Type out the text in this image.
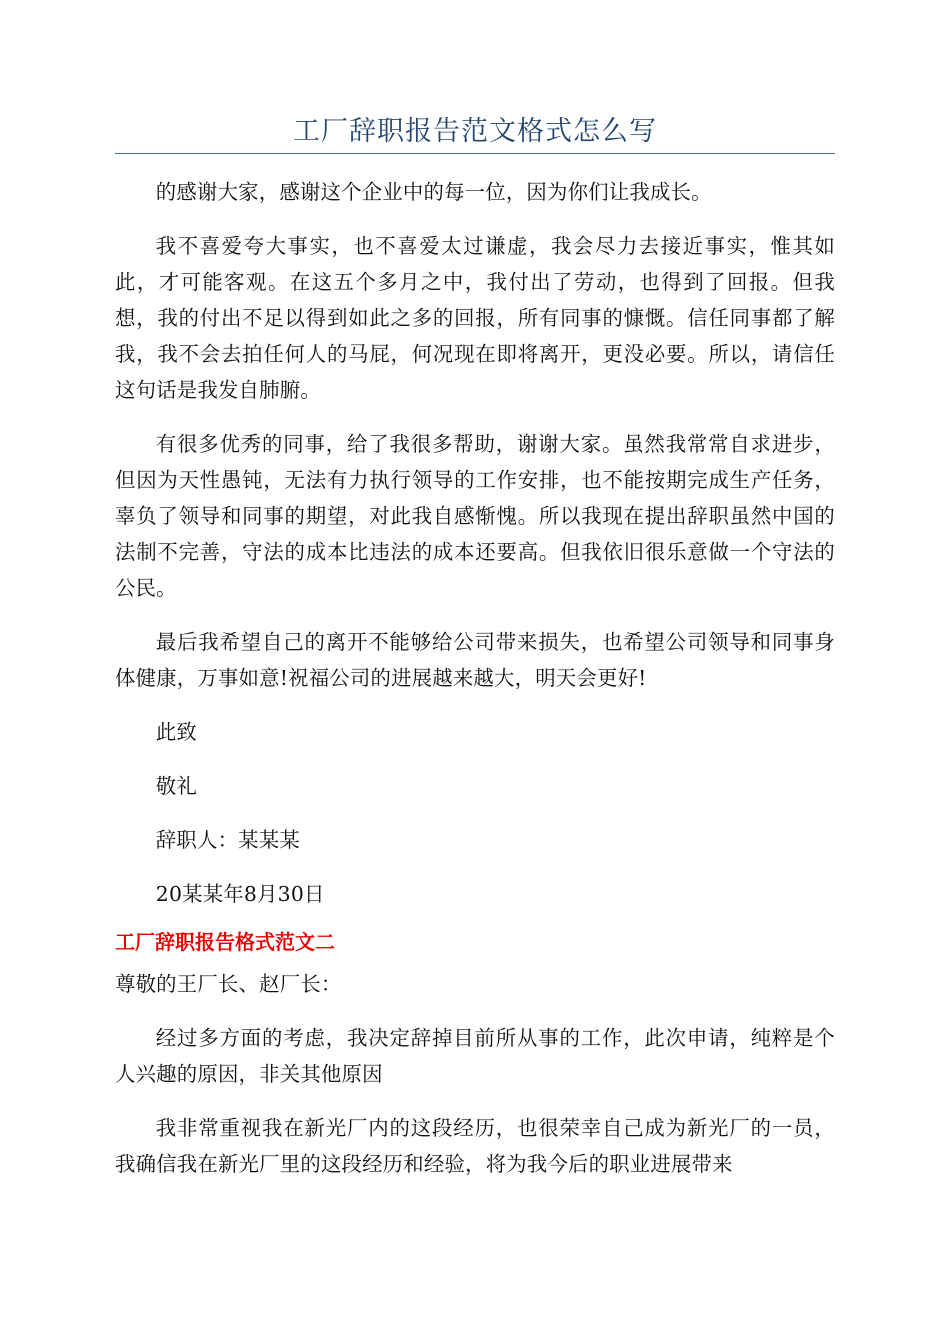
工厂辞职报告范文格式怎么写

的感谢大家，感谢这个企业中的每一位，因为你们让我成长。

我不喜爱夸大事实，也不喜爱太过谦虚，我会尽力去接近事实，惟其如此，才可能客观。在这五个多月之中，我付出了劳动，也得到了回报。但我想，我的付出不足以得到如此之多的回报，所有同事的慷慨。信任同事都了解我，我不会去拍任何人的马屁，何况现在即将离开，更没必要。所以，请信任这句话是我发自肺腑。

有很多优秀的同事，给了我很多帮助，谢谢大家。虽然我常常自求进步，但因为天性愚钝，无法有力执行领导的工作安排，也不能按期完成生产任务，辜负了领导和同事的期望，对此我自感惭愧。所以我现在提出辞职虽然中国的法制不完善，守法的成本比违法的成本还要高。但我依旧很乐意做一个守法的公民。

最后我希望自己的离开不能够给公司带来损失，也希望公司领导和同事身体健康，万事如意!祝福公司的进展越来越大，明天会更好!

此致

敬礼

辞职人：某某某

20某某年8月30日

工厂辞职报告格式范文二

尊敬的王厂长、赵厂长：

经过多方面的考虑，我决定辞掉目前所从事的工作，此次申请，纯粹是个人兴趣的原因，非关其他原因

我非常重视我在新光厂内的这段经历，也很荣幸自己成为新光厂的一员，我确信我在新光厂里的这段经历和经验，将为我今后的职业进展带来
